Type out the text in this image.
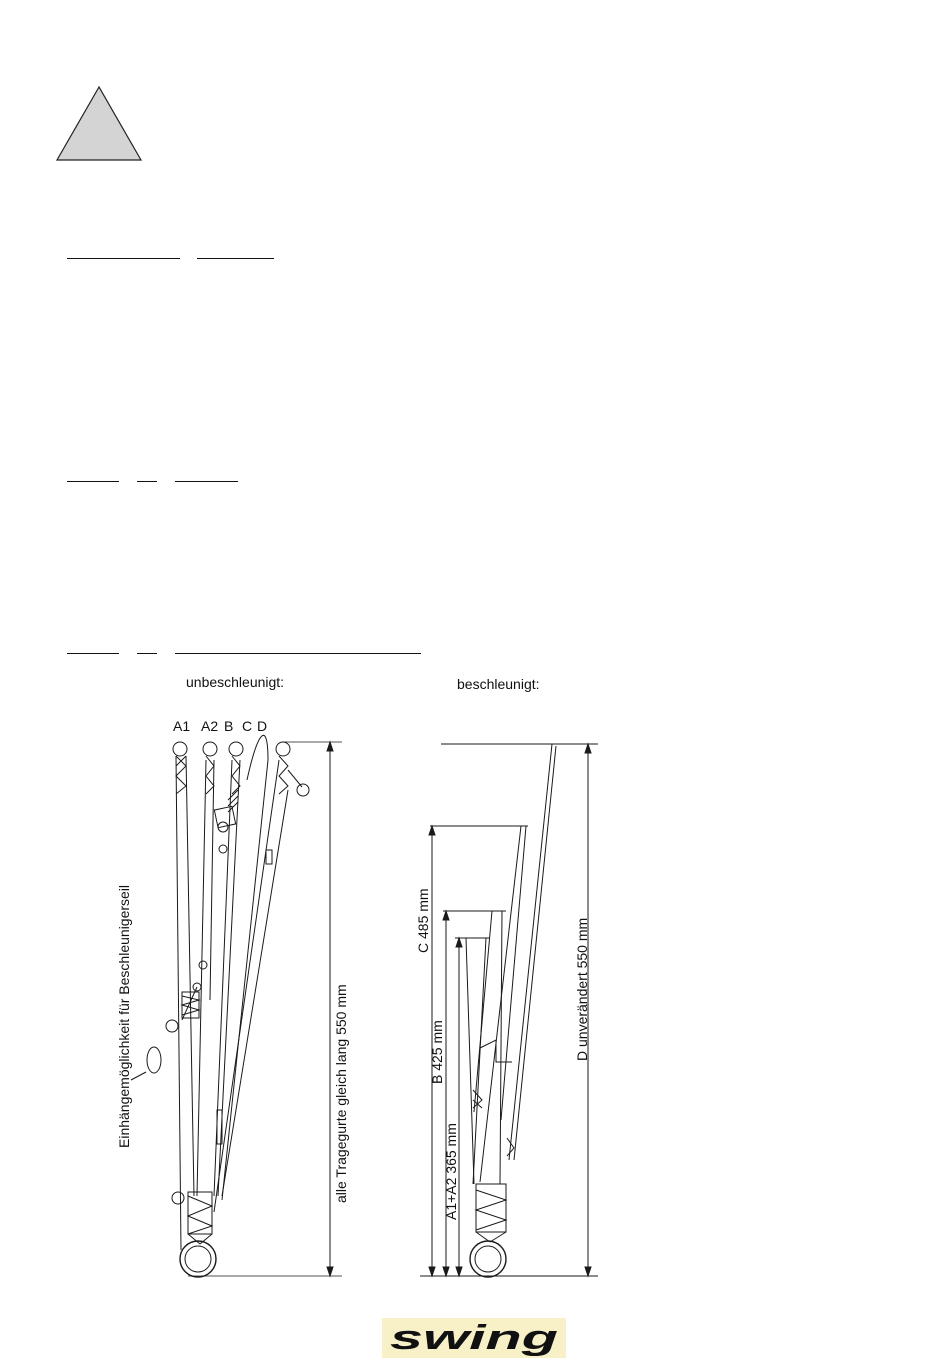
unbeschleunigt:	beschleunigt:
A1 A2 B C D
Einhängemöglichkeit für Beschleunigerseil	alle Tragegurte gleich lang 550 mm
C 485 mm
B 425 mm
A1+A2 365 mm
D unverändert 550 mm
swing
